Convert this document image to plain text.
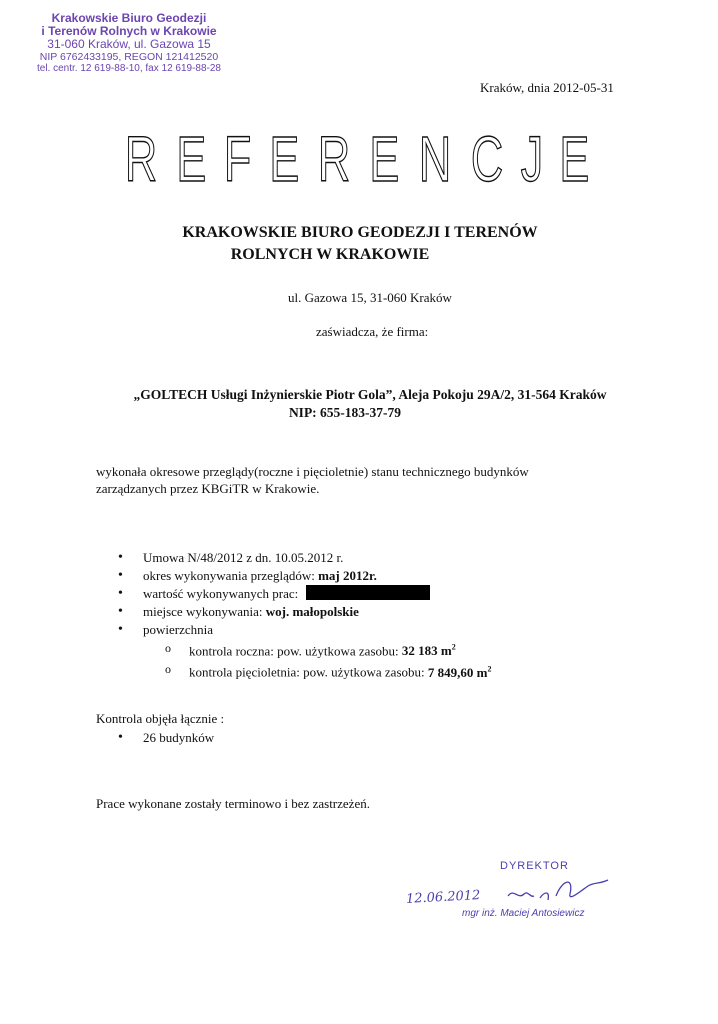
Krakowskie Biuro Geodezji
i Terenów Rolnych w Krakowie
31-060 Kraków, ul. Gazowa 15
NIP 6762433195, REGON 121412520
tel. centr. 12 619-88-10, fax 12 619-88-28
Kraków, dnia 2012-05-31
R E F E R E N C J E
KRAKOWSKIE BIURO GEODEZJI I TERENÓW
ROLNYCH W KRAKOWIE
ul. Gazowa 15, 31-060 Kraków
zaświadcza, że firma:
„GOLTECH Usługi Inżynierskie Piotr Gola”, Aleja Pokoju 29A/2, 31-564 Kraków
NIP: 655-183-37-79
wykonała okresowe przeglądy(roczne i pięcioletnie) stanu technicznego budynków
zarządzanych przez KBGiTR w Krakowie.
• Umowa N/48/2012 z dn. 10.05.2012 r.
• okres wykonywania przeglądów: maj 2012r.
• wartość wykonywanych prac:
• miejsce wykonywania: woj. małopolskie
• powierzchnia
o kontrola roczna: pow. użytkowa zasobu: 32 183 $m^2$
o kontrola pięcioletnia: pow. użytkowa zasobu: 7 849,60 $m^2$
Kontrola objęła łącznie :
• 26 budynków
Prace wykonane zostały terminowo i bez zastrzeżeń.
DYREKTOR
12.06.2012
mgr inż. Maciej Antosiewicz
